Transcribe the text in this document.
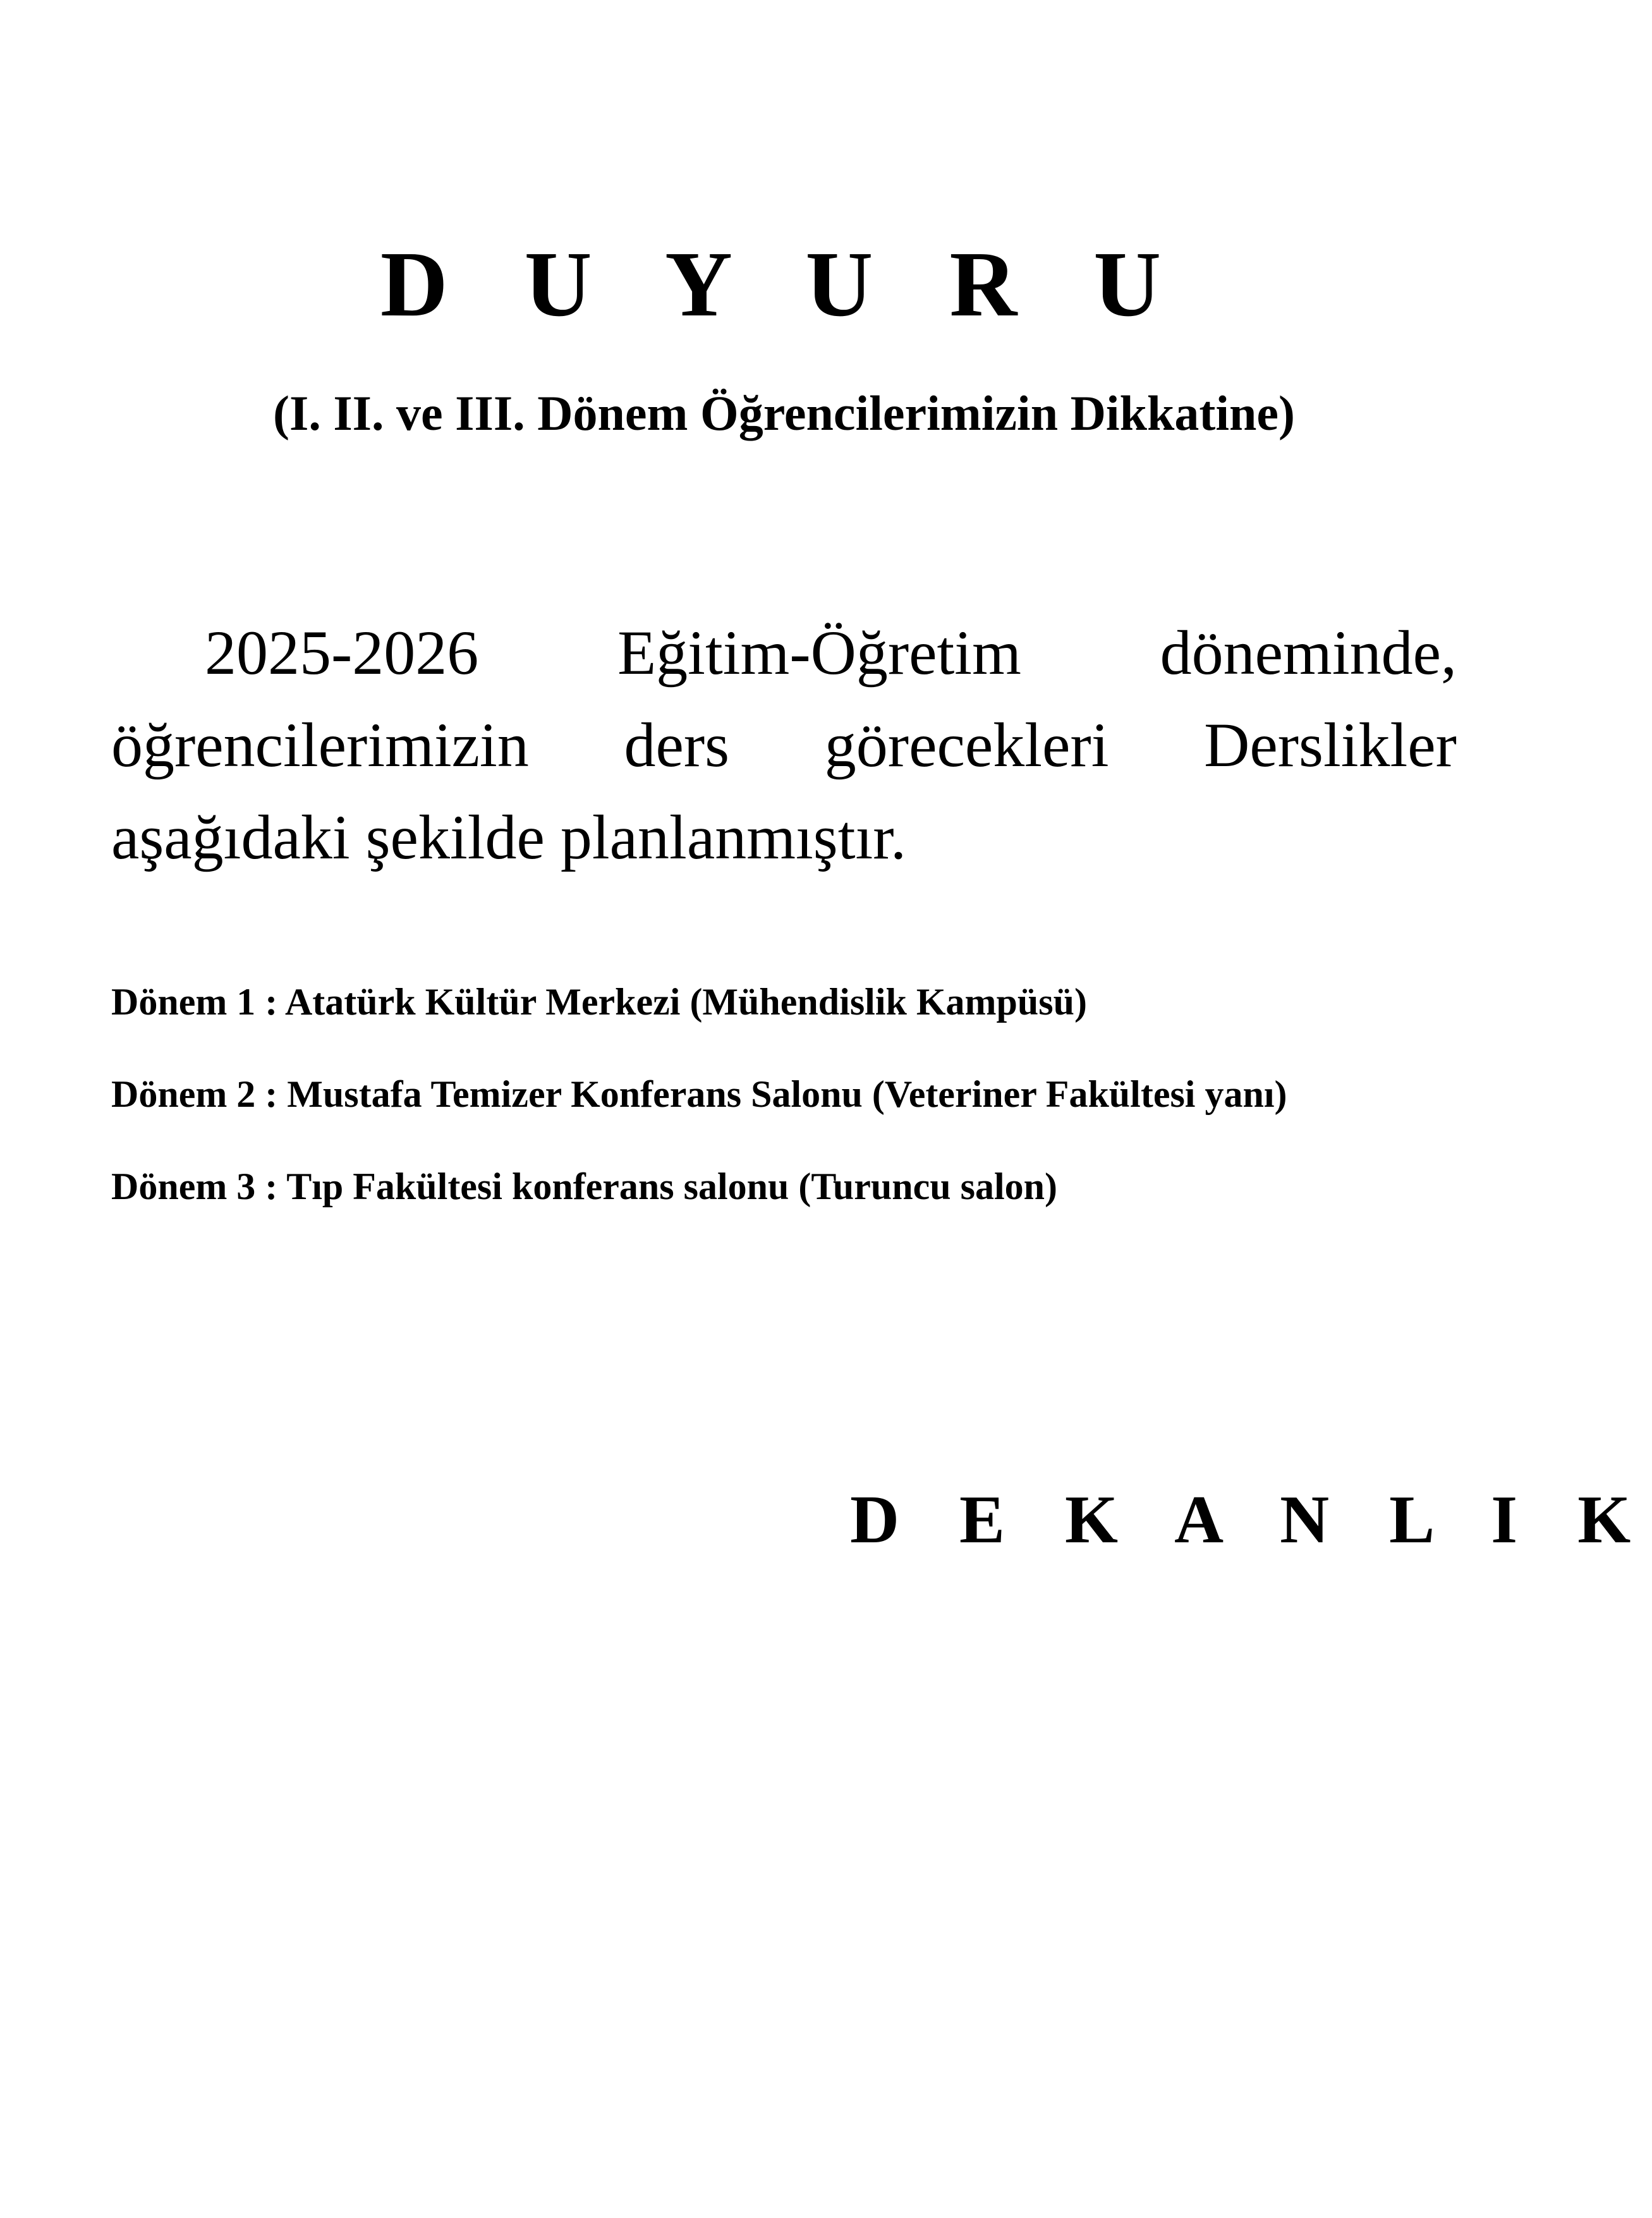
D U Y U R U

(I. II. ve III. Dönem Öğrencilerimizin Dikkatine)

2025-2026 Eğitim-Öğretim döneminde, öğrencilerimizin ders görecekleri Derslikler aşağıdaki şekilde planlanmıştır.

Dönem 1 : Atatürk Kültür Merkezi (Mühendislik Kampüsü)
Dönem 2 : Mustafa Temizer Konferans Salonu (Veteriner Fakültesi yanı)
Dönem 3 : Tıp Fakültesi konferans salonu (Turuncu salon)

D E K A N L I K
